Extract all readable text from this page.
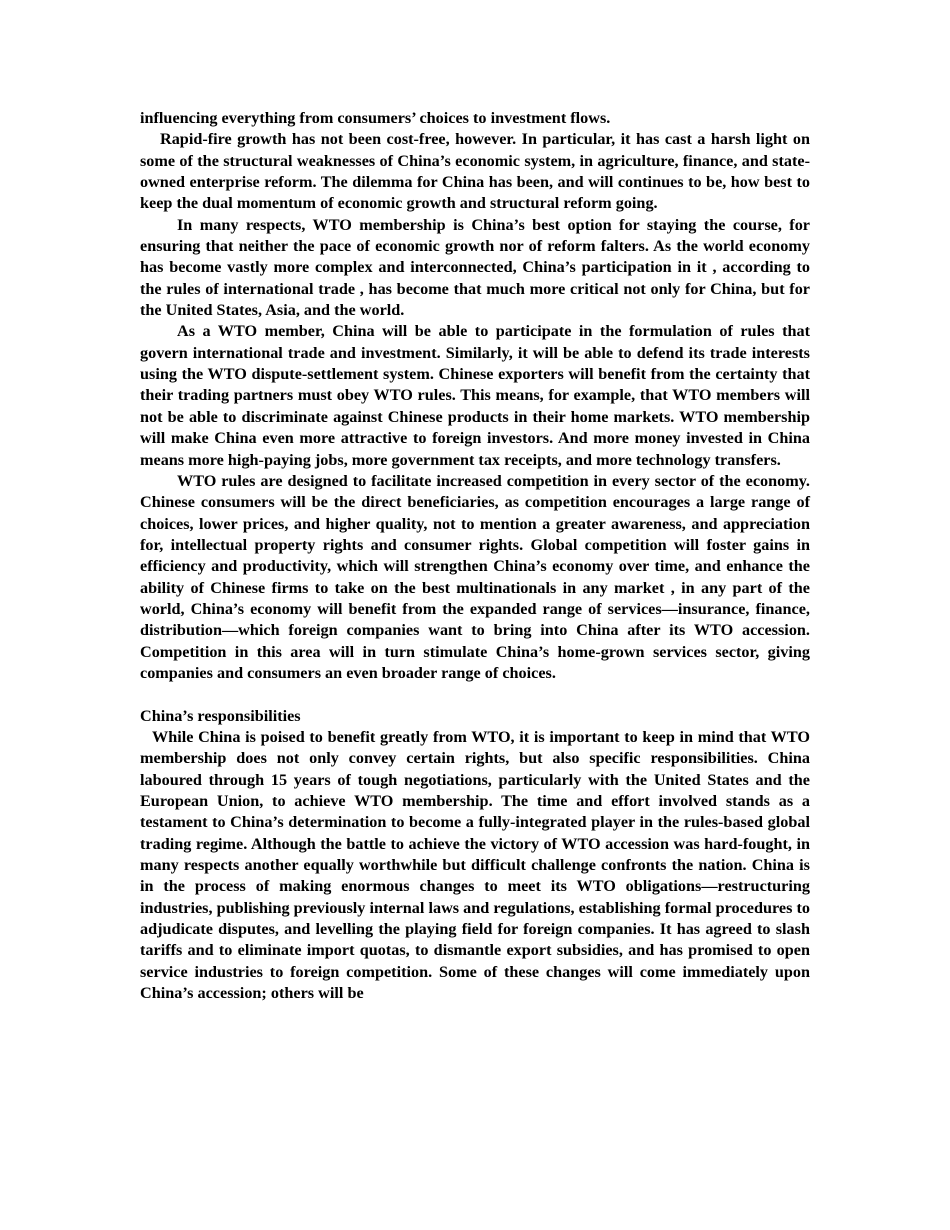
influencing everything from consumers’ choices to investment flows.

Rapid-fire growth has not been cost-free, however. In particular, it has cast a harsh light on some of the structural weaknesses of China’s economic system, in agriculture, finance, and state-owned enterprise reform. The dilemma for China has been, and will continues to be, how best to keep the dual momentum of economic growth and structural reform going.

In many respects, WTO membership is China’s best option for staying the course, for ensuring that neither the pace of economic growth nor of reform falters. As the world economy has become vastly more complex and interconnected, China’s participation in it , according to the rules of international trade , has become that much more critical not only for China, but for the United States, Asia, and the world.

As a WTO member, China will be able to participate in the formulation of rules that govern international trade and investment. Similarly, it will be able to defend its trade interests using the WTO dispute-settlement system. Chinese exporters will benefit from the certainty that their trading partners must obey WTO rules. This means, for example, that WTO members will not be able to discriminate against Chinese products in their home markets. WTO membership will make China even more attractive to foreign investors. And more money invested in China means more high-paying jobs, more government tax receipts, and more technology transfers.

WTO rules are designed to facilitate increased competition in every sector of the economy. Chinese consumers will be the direct beneficiaries, as competition encourages a large range of choices, lower prices, and higher quality, not to mention a greater awareness, and appreciation for, intellectual property rights and consumer rights. Global competition will foster gains in efficiency and productivity, which will strengthen China’s economy over time, and enhance the ability of Chinese firms to take on the best multinationals in any market , in any part of the world, China’s economy will benefit from the expanded range of services—insurance, finance, distribution—which foreign companies want to bring into China after its WTO accession. Competition in this area will in turn stimulate China’s home-grown services sector, giving companies and consumers an even broader range of choices.

China’s responsibilities

While China is poised to benefit greatly from WTO, it is important to keep in mind that WTO membership does not only convey certain rights, but also specific responsibilities. China laboured through 15 years of tough negotiations, particularly with the United States and the European Union, to achieve WTO membership. The time and effort involved stands as a testament to China’s determination to become a fully-integrated player in the rules-based global trading regime. Although the battle to achieve the victory of WTO accession was hard-fought, in many respects another equally worthwhile but difficult challenge confronts the nation. China is in the process of making enormous changes to meet its WTO obligations—restructuring industries, publishing previously internal laws and regulations, establishing formal procedures to adjudicate disputes, and levelling the playing field for foreign companies. It has agreed to slash tariffs and to eliminate import quotas, to dismantle export subsidies, and has promised to open service industries to foreign competition. Some of these changes will come immediately upon China’s accession; others will be
